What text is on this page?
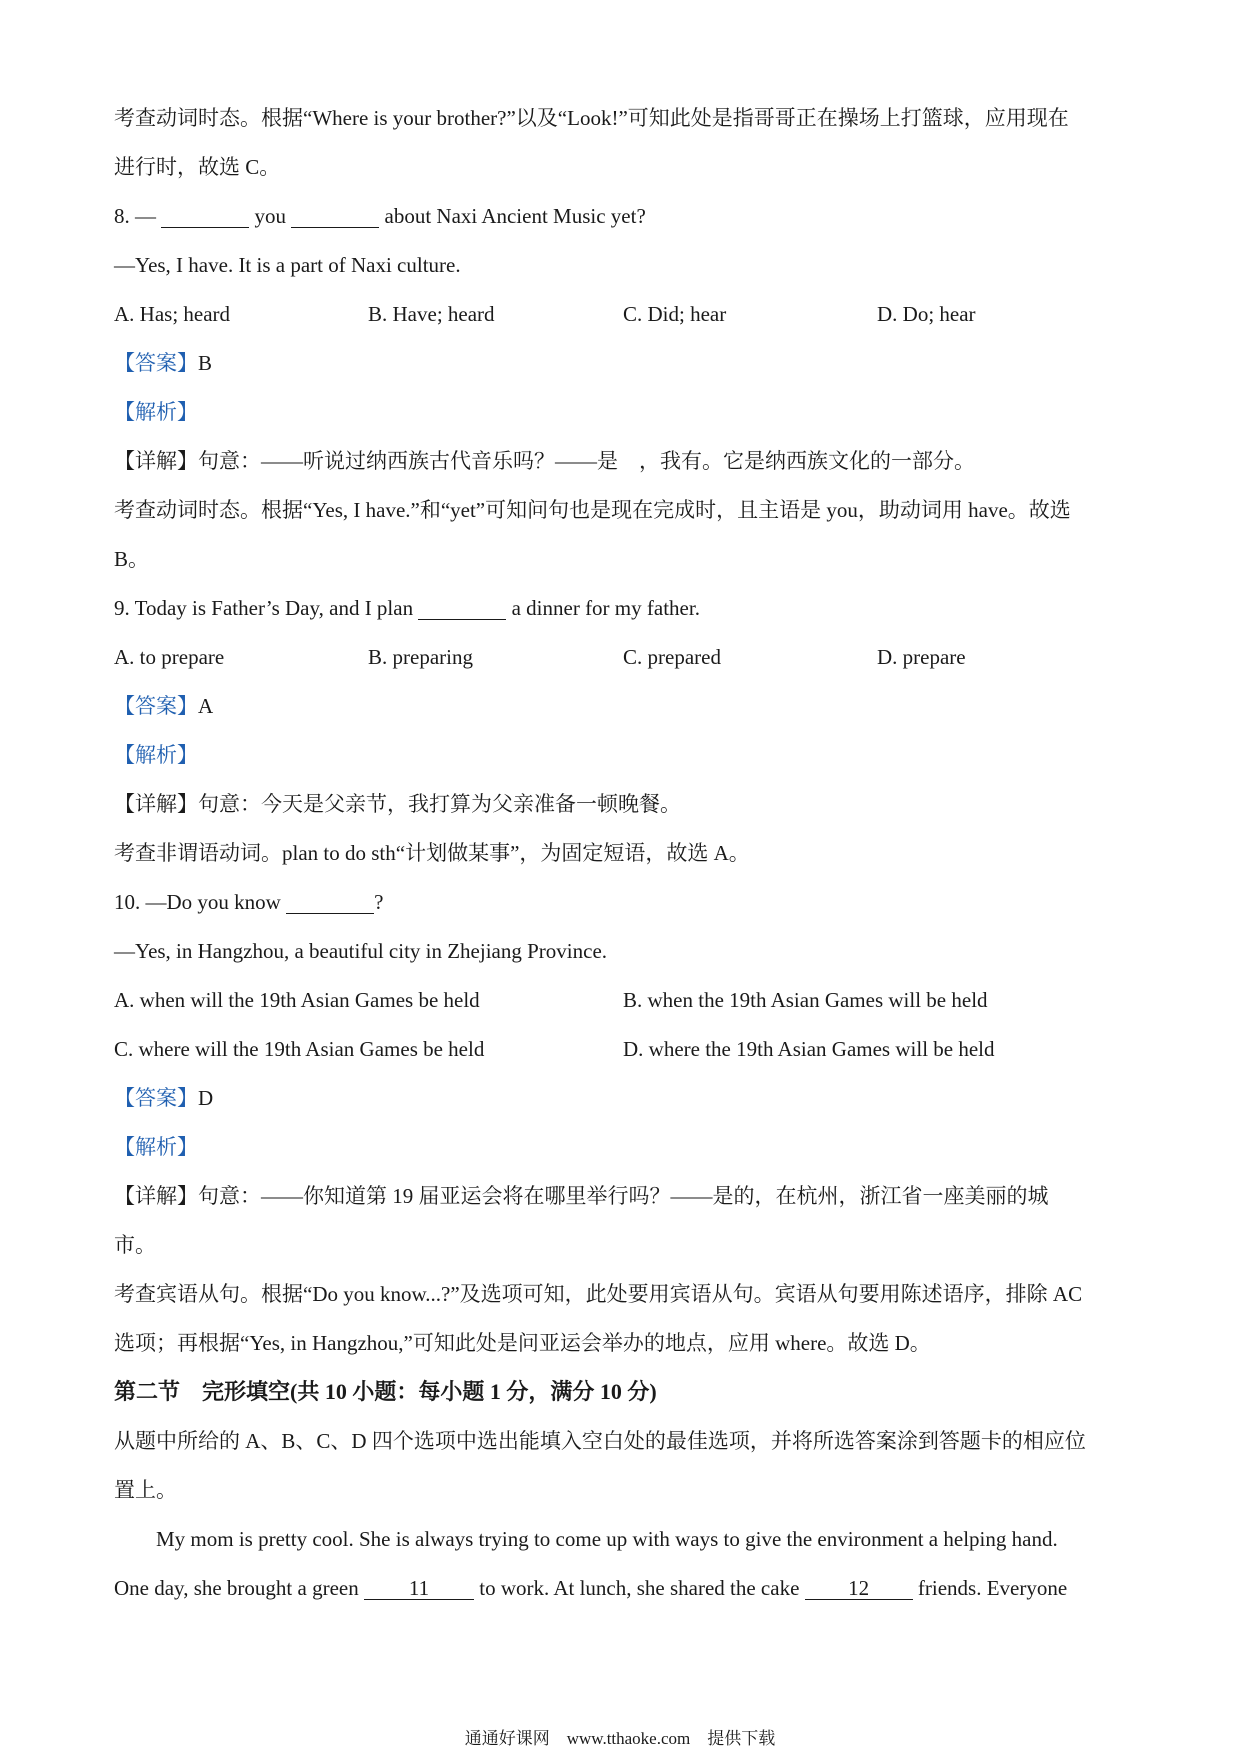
考查动词时态。根据“Where is your brother?”以及“Look!”可知此处是指哥哥正在操场上打篮球，应用现在
进行时，故选 C。
8. —	you	about Naxi Ancient Music yet?
—Yes, I have. It is a part of Naxi culture.
A. Has; heard	B. Have; heard	C. Did; hear	D. Do; hear
【答案】B
【解析】
【详解】句意：——听说过纳西族古代音乐吗？——是　，我有。它是纳西族文化的一部分。
考查动词时态。根据“Yes, I have.”和“yet”可知问句也是现在完成时，且主语是 you，助动词用 have。故选
B。
9. Today is Father’s Day, and I plan	a dinner for my father.
A. to prepare	B. preparing	C. prepared	D. prepare
【答案】A
【解析】
【详解】句意：今天是父亲节，我打算为父亲准备一顿晚餐。
考查非谓语动词。plan to do sth“计划做某事”，为固定短语，故选 A。
10. —Do you know	?
—Yes, in Hangzhou, a beautiful city in Zhejiang Province.
A. when will the 19th Asian Games be held	B. when the 19th Asian Games will be held
C. where will the 19th Asian Games be held	D. where the 19th Asian Games will be held
【答案】D
【解析】
【详解】句意：——你知道第 19 届亚运会将在哪里举行吗？——是的，在杭州，浙江省一座美丽的城
市。
考查宾语从句。根据“Do you know...?”及选项可知，此处要用宾语从句。宾语从句要用陈述语序，排除 AC
选项；再根据“Yes, in Hangzhou,”可知此处是问亚运会举办的地点，应用 where。故选 D。
第二节　完形填空(共 10 小题：每小题 1 分，满分 10 分)
从题中所给的 A、B、C、D 四个选项中选出能填入空白处的最佳选项，并将所选答案涂到答题卡的相应位
置上。
My mom is pretty cool. She is always trying to come up with ways to give the environment a helping hand.
One day, she brought a green 11 to work. At lunch, she shared the cake 12 friends. Everyone
通通好课网　www.tthaoke.com　提供下载
